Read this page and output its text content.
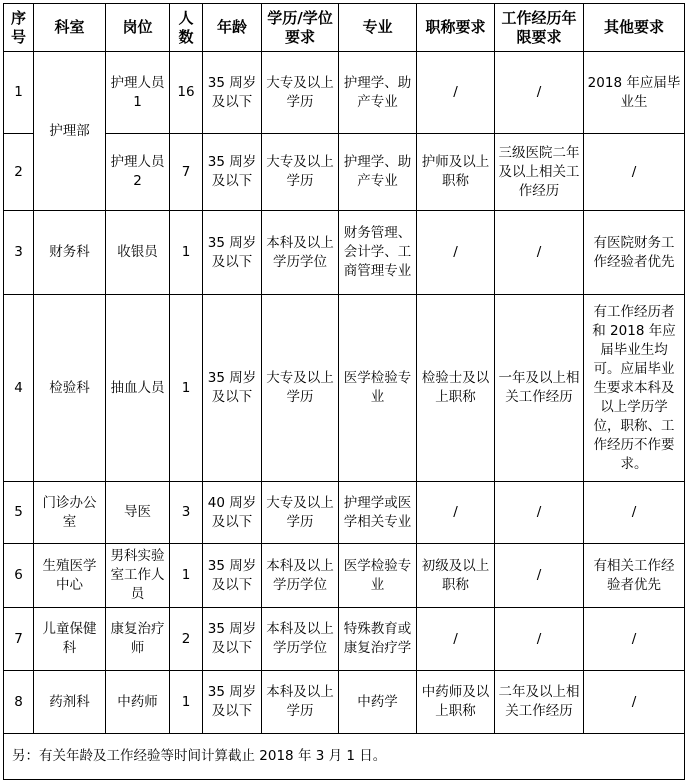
序号	科室	岗位	人数	年龄	学历/学位要求	专业	职称要求	工作经历年限要求	其他要求
1	护理部	护理人员 1	16	35 周岁及以下	大专及以上学历	护理学、助产专业	/	/	2018 年应届毕业生
2		护理人员 2	7	35 周岁及以下	大专及以上学历	护理学、助产专业	护师及以上职称	三级医院二年及以上相关工作经历	/
3	财务科	收银员	1	35 周岁及以下	本科及以上学历学位	财务管理、会计学、工商管理专业	/	/	有医院财务工作经验者优先
4	检验科	抽血人员	1	35 周岁及以下	大专及以上学历	医学检验专业	检验士及以上职称	一年及以上相关工作经历	有工作经历者和 2018 年应届毕业生均可。应届毕业生要求本科及以上学历学位，职称、工作经历不作要求。
5	门诊办公室	导医	3	40 周岁及以下	大专及以上学历	护理学或医学相关专业	/	/	/
6	生殖医学中心	男科实验室工作人员	1	35 周岁及以下	本科及以上学历学位	医学检验专业	初级及以上职称	/	有相关工作经验者优先
7	儿童保健科	康复治疗师	2	35 周岁及以下	本科及以上学历学位	特殊教育或康复治疗学	/	/	/
8	药剂科	中药师	1	35 周岁及以下	本科及以上学历	中药学	中药师及以上职称	二年及以上相关工作经历	/
另：有关年龄及工作经验等时间计算截止 2018 年 3 月 1 日。									
